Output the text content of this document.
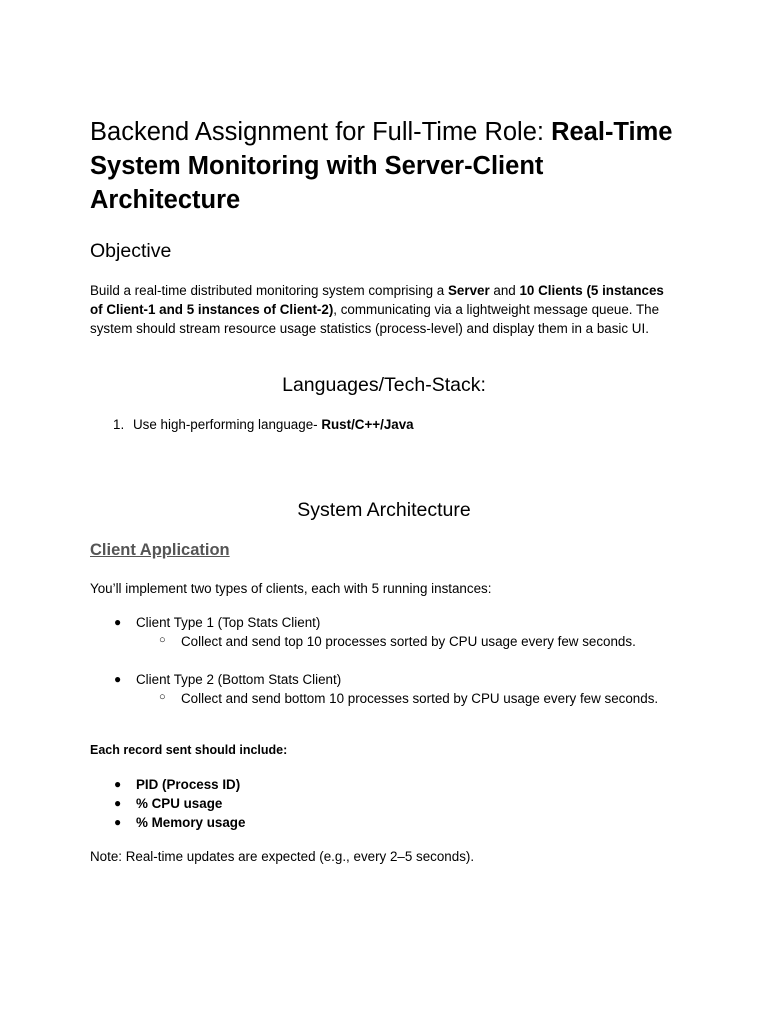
Backend Assignment for Full-Time Role: Real-Time System Monitoring with Server-Client Architecture
Objective
Build a real-time distributed monitoring system comprising a Server and 10 Clients (5 instances of Client-1 and 5 instances of Client-2), communicating via a lightweight message queue. The system should stream resource usage statistics (process-level) and display them in a basic UI.
Languages/Tech-Stack:
1. Use high-performing language- Rust/C++/Java
System Architecture
Client Application
You’ll implement two types of clients, each with 5 running instances:
● Client Type 1 (Top Stats Client)
○ Collect and send top 10 processes sorted by CPU usage every few seconds.
● Client Type 2 (Bottom Stats Client)
○ Collect and send bottom 10 processes sorted by CPU usage every few seconds.
Each record sent should include:
● PID (Process ID)
● % CPU usage
● % Memory usage
Note: Real-time updates are expected (e.g., every 2–5 seconds).
